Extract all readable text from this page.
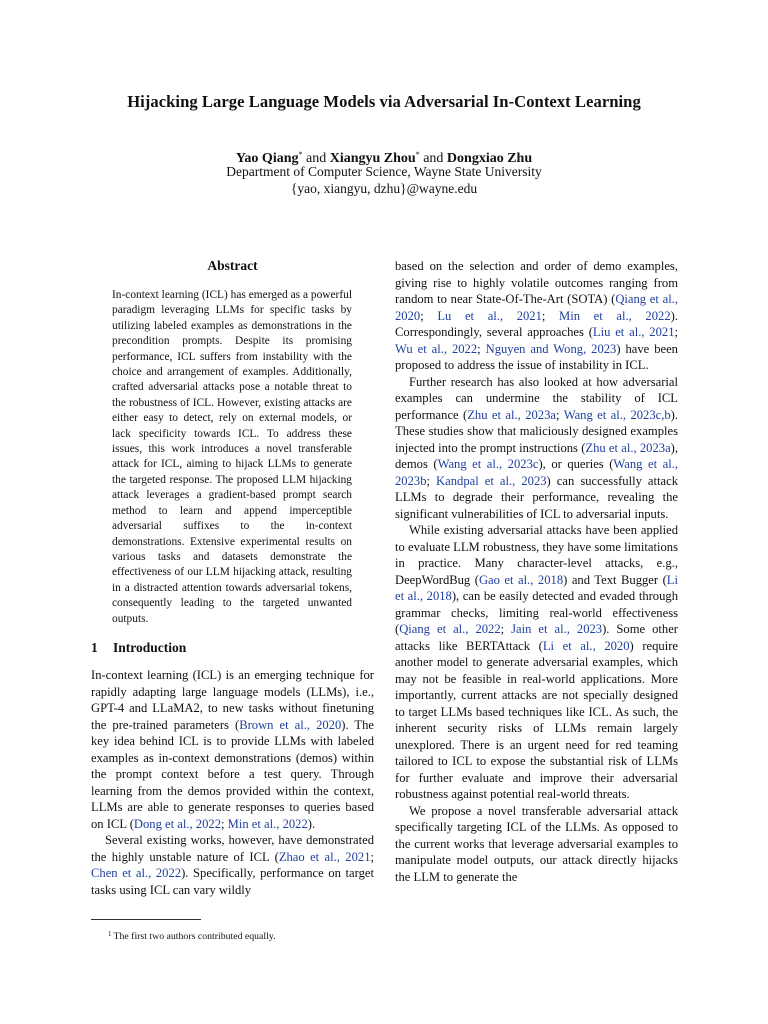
Hijacking Large Language Models via Adversarial In-Context Learning
Yao Qiang* and Xiangyu Zhou* and Dongxiao Zhu
Department of Computer Science, Wayne State University
{yao, xiangyu, dzhu}@wayne.edu
Abstract

In-context learning (ICL) has emerged as a powerful paradigm leveraging LLMs for specific tasks by utilizing labeled examples as demonstrations in the precondition prompts. Despite its promising performance, ICL suffers from instability with the choice and arrangement of examples. Additionally, crafted adversarial attacks pose a notable threat to the robustness of ICL. However, existing attacks are either easy to detect, rely on external models, or lack specificity towards ICL. To address these issues, this work introduces a novel transferable attack for ICL, aiming to hijack LLMs to generate the targeted response. The proposed LLM hijacking attack leverages a gradient-based prompt search method to learn and append imperceptible adversarial suffixes to the in-context demonstrations. Extensive experimental results on various tasks and datasets demonstrate the effectiveness of our LLM hijacking attack, resulting in a distracted attention towards adversarial tokens, consequently leading to the targeted unwanted outputs.

1 Introduction

In-context learning (ICL) is an emerging technique for rapidly adapting large language models (LLMs), i.e., GPT-4 and LLaMA2, to new tasks without finetuning the pre-trained parameters (Brown et al., 2020). The key idea behind ICL is to provide LLMs with labeled examples as in-context demonstrations (demos) within the prompt context before a test query. Through learning from the demos provided within the context, LLMs are able to generate responses to queries based on ICL (Dong et al., 2022; Min et al., 2022).

Several existing works, however, have demonstrated the highly unstable nature of ICL (Zhao et al., 2021; Chen et al., 2022). Specifically, performance on target tasks using ICL can vary wildly

$^1$ The first two authors contributed equally.

based on the selection and order of demo examples, giving rise to highly volatile outcomes ranging from random to near State-Of-The-Art (SOTA) (Qiang et al., 2020; Lu et al., 2021; Min et al., 2022). Correspondingly, several approaches (Liu et al., 2021; Wu et al., 2022; Nguyen and Wong, 2023) have been proposed to address the issue of instability in ICL.

Further research has also looked at how adversarial examples can undermine the stability of ICL performance (Zhu et al., 2023a; Wang et al., 2023c,b). These studies show that maliciously designed examples injected into the prompt instructions (Zhu et al., 2023a), demos (Wang et al., 2023c), or queries (Wang et al., 2023b; Kandpal et al., 2023) can successfully attack LLMs to degrade their performance, revealing the significant vulnerabilities of ICL to adversarial inputs.

While existing adversarial attacks have been applied to evaluate LLM robustness, they have some limitations in practice. Many character-level attacks, e.g., DeepWordBug (Gao et al., 2018) and Text Bugger (Li et al., 2018), can be easily detected and evaded through grammar checks, limiting real-world effectiveness (Qiang et al., 2022; Jain et al., 2023). Some other attacks like BERTAttack (Li et al., 2020) require another model to generate adversarial examples, which may not be feasible in real-world applications. More importantly, current attacks are not specially designed to target LLMs based techniques like ICL. As such, the inherent security risks of LLMs remain largely unexplored. There is an urgent need for red teaming tailored to ICL to expose the substantial risk of LLMs for further evaluate and improve their adversarial robustness against potential real-world threats.

We propose a novel transferable adversarial attack specifically targeting ICL of the LLMs. As opposed to the current works that leverage adversarial examples to manipulate model outputs, our attack directly hijacks the LLM to generate the
